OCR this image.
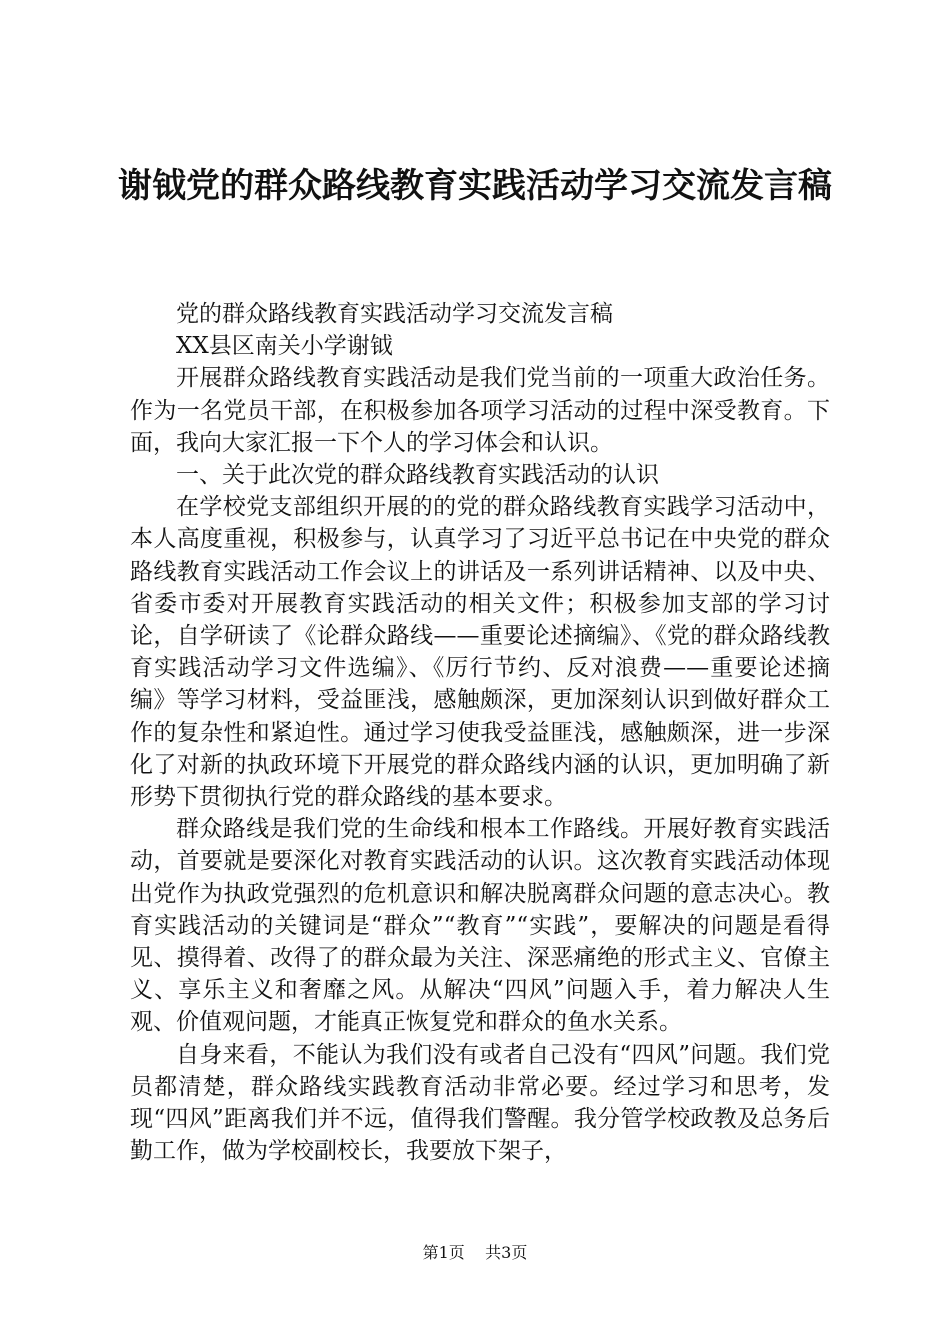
谢钺党的群众路线教育实践活动学习交流发言稿

党的群众路线教育实践活动学习交流发言稿

XX县区南关小学谢钺

开展群众路线教育实践活动是我们党当前的一项重大政治任务。作为一名党员干部，在积极参加各项学习活动的过程中深受教育。下面，我向大家汇报一下个人的学习体会和认识。

一、关于此次党的群众路线教育实践活动的认识

在学校党支部组织开展的的党的群众路线教育实践学习活动中，本人高度重视，积极参与，认真学习了习近平总书记在中央党的群众路线教育实践活动工作会议上的讲话及一系列讲话精神、以及中央、省委市委对开展教育实践活动的相关文件；积极参加支部的学习讨论，自学研读了《论群众路线——重要论述摘编》、《党的群众路线教育实践活动学习文件选编》、《厉行节约、反对浪费——重要论述摘编》等学习材料，受益匪浅，感触颇深，更加深刻认识到做好群众工作的复杂性和紧迫性。通过学习使我受益匪浅，感触颇深，进一步深化了对新的执政环境下开展党的群众路线内涵的认识，更加明确了新形势下贯彻执行党的群众路线的基本要求。

群众路线是我们党的生命线和根本工作路线。开展好教育实践活动，首要就是要深化对教育实践活动的认识。这次教育实践活动体现出党作为执政党强烈的危机意识和解决脱离群众问题的意志决心。教育实践活动的关键词是“群众”“教育”“实践”，要解决的问题是看得见、摸得着、改得了的群众最为关注、深恶痛绝的形式主义、官僚主义、享乐主义和奢靡之风。从解决“四风”问题入手，着力解决人生观、价值观问题，才能真正恢复党和群众的鱼水关系。

自身来看，不能认为我们没有或者自己没有“四风”问题。我们党员都清楚，群众路线实践教育活动非常必要。经过学习和思考，发现“四风”距离我们并不远，值得我们警醒。我分管学校政教及总务后勤工作，做为学校副校长，我要放下架子，

第1页 共3页
